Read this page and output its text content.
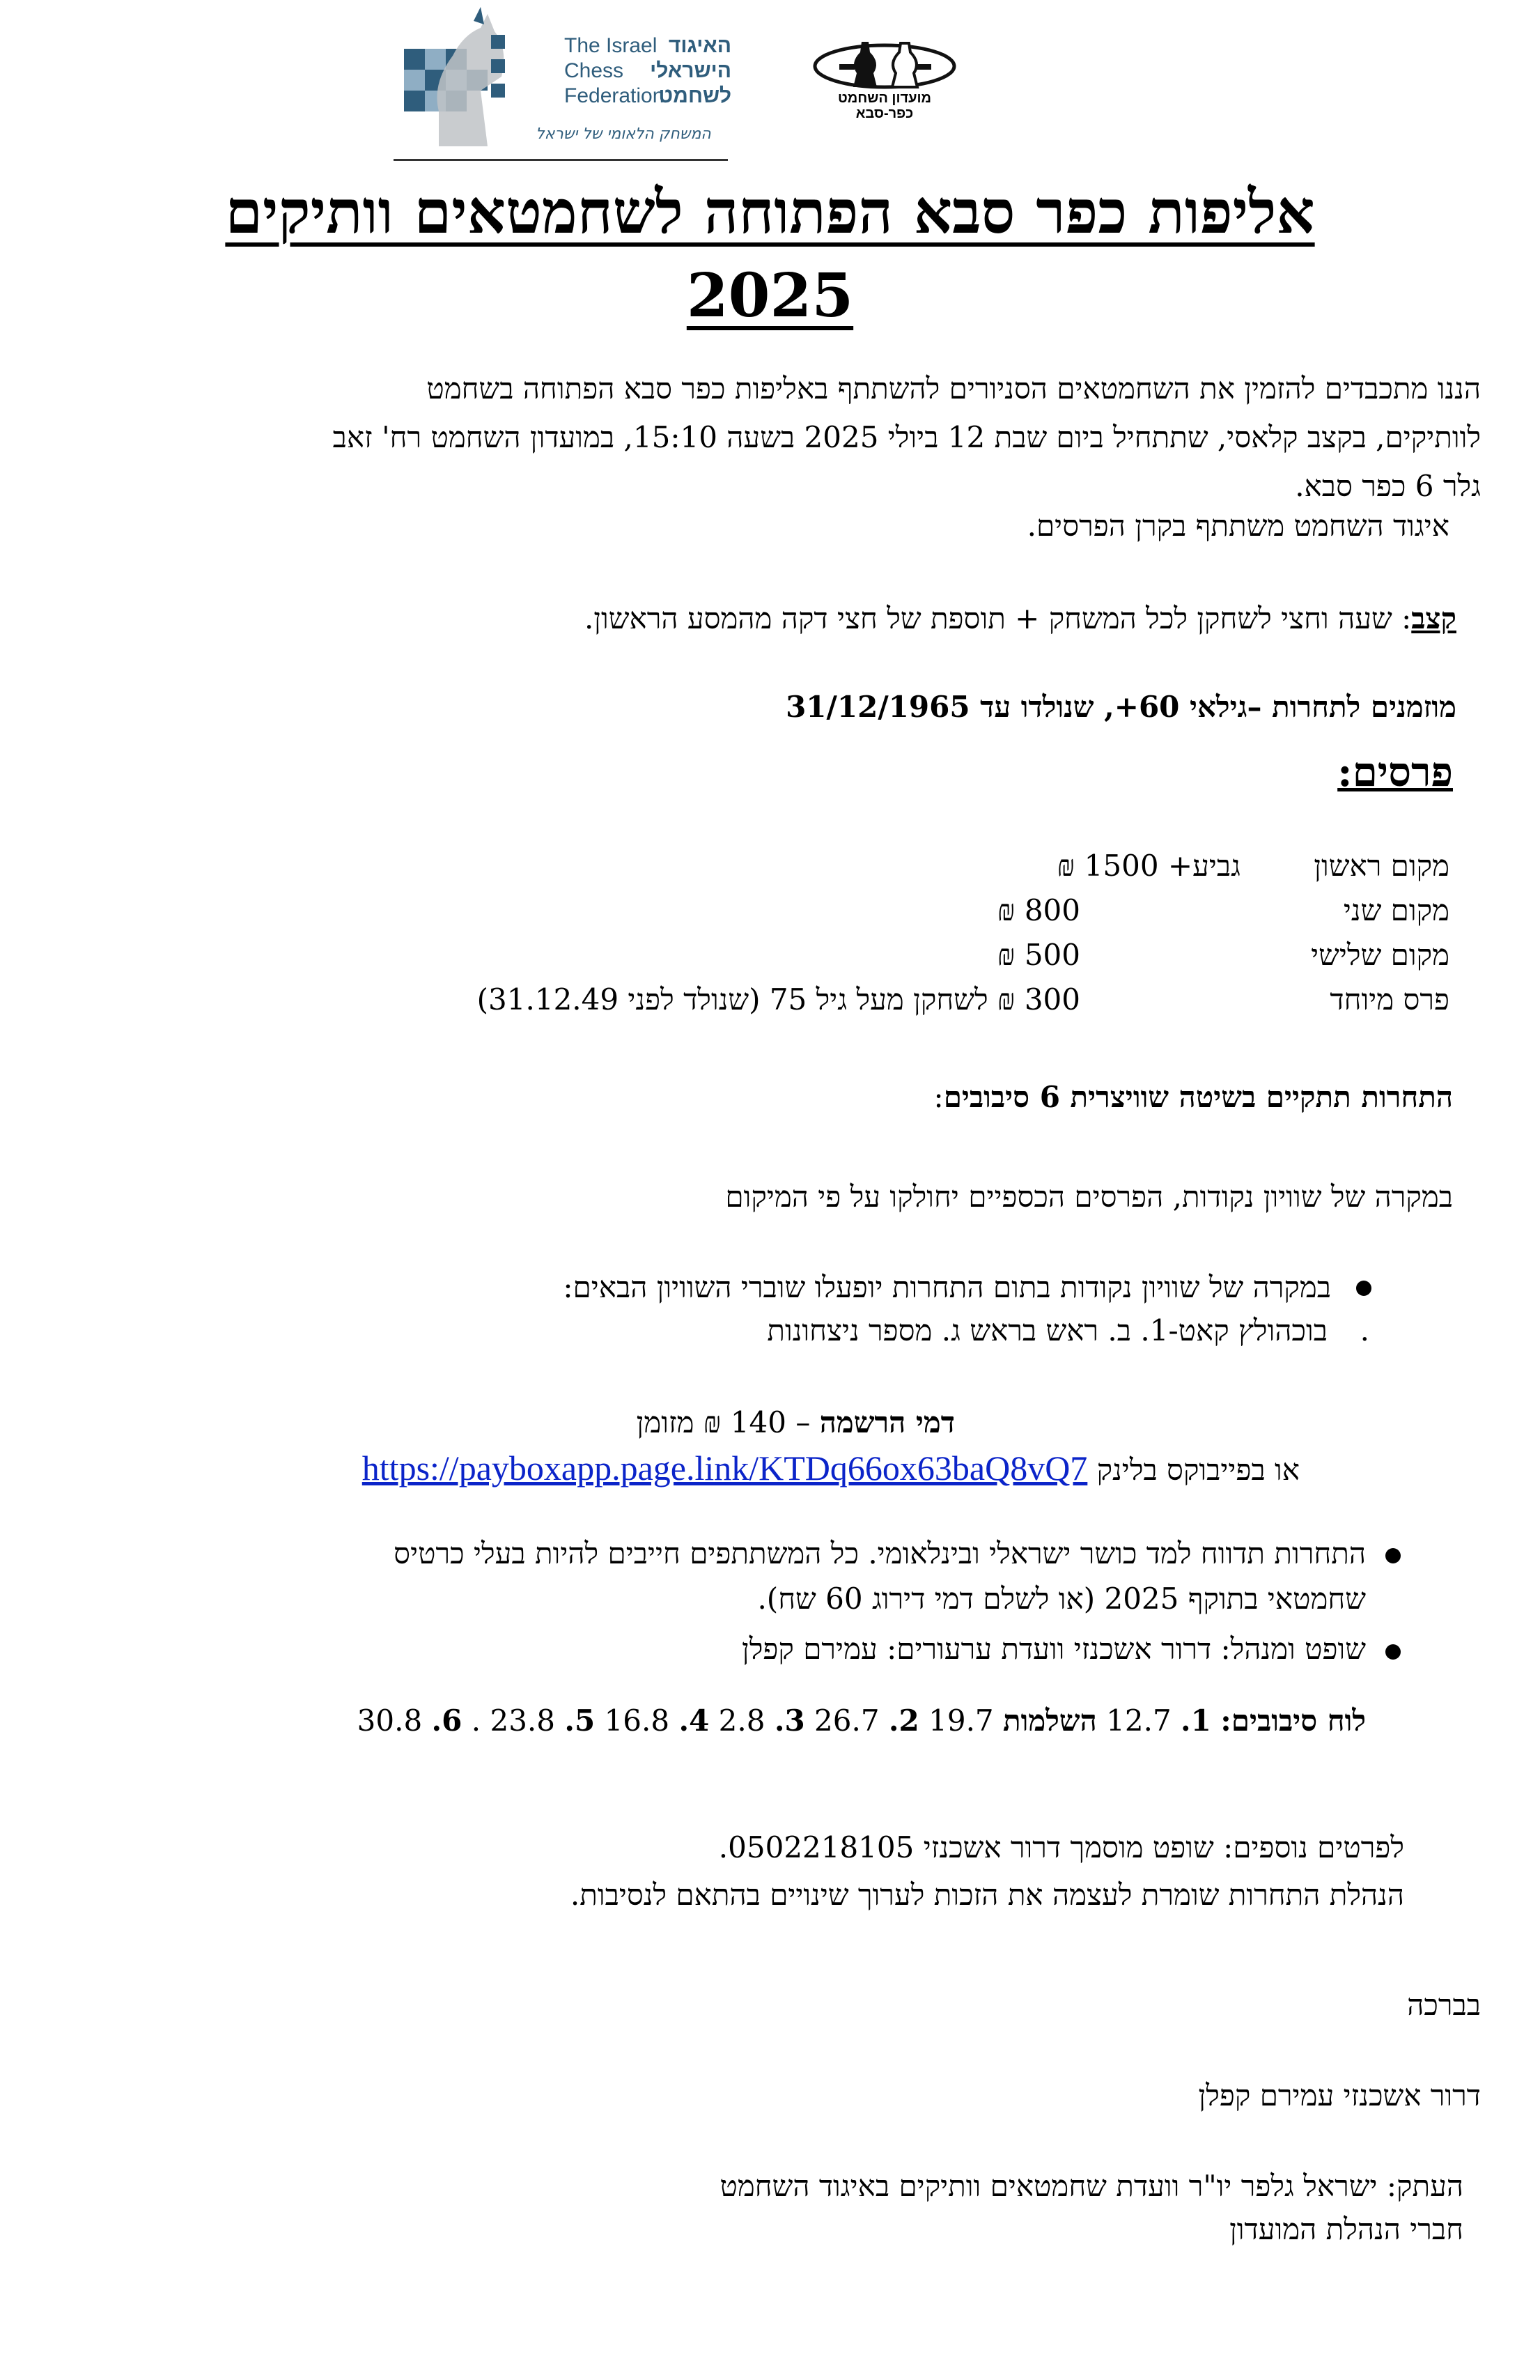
The Israel
Chess
Federation
האיגוד
הישראלי
לשחמט
המשחק הלאומי של ישראל
מועדון השחמט
כפר-סבא
אליפות כפר סבא הפתוחה לשחמטאים וותיקים
2025
הננו מתכבדים להזמין את השחמטאים הסניורים להשתתף באליפות כפר סבא הפתוחה בשחמט
לוותיקים, בקצב קלאסי, שתתחיל ביום שבת 12 ביולי 2025 בשעה 15:10, במועדון השחמט רח' זאב
גלר 6 כפר סבא.
איגוד השחמט משתתף בקרן הפרסים.
קצב: שעה וחצי לשחקן לכל המשחק + תוספת של חצי דקה מהמסע הראשון.
מוזמנים לתחרות –גילאי 60+, שנולדו עד 31/12/1965
פרסים:
מקום ראשון
גביע+ 1500 ₪
מקום שני
800 ₪
מקום שלישי
500 ₪
פרס מיוחד
300 ₪ לשחקן מעל גיל 75 (שנולד לפני 31.12.49)
התחרות תתקיים בשיטה שוויצרית 6 סיבובים:
במקרה של שוויון נקודות, הפרסים הכספיים יחולקו על פי המיקום
במקרה של שוויון נקודות בתום התחרות יופעלו שוברי השוויון הבאים:
.
בוכהולץ קאט-1. ב. ראש בראש ג. מספר ניצחונות
דמי הרשמה – 140 ₪ מזומן
או בפייבוקס בלינק https://payboxapp.page.link/KTDq66ox63baQ8vQ7
התחרות תדווח למד כושר ישראלי ובינלאומי. כל המשתתפים חייבים להיות בעלי כרטיס
שחמטאי בתוקף 2025 (או לשלם דמי דירוג 60 שח).
שופט ומנהל: דרור אשכנזי וועדת ערעורים: עמירם קפלן
לוח סיבובים: 1. 12.7 השלמות 19.7 2. 26.7 3. 2.8 4. 16.8 5. 23.8 . 6. 30.8
לפרטים נוספים: שופט מוסמך דרור אשכנזי 0502218105.
הנהלת התחרות שומרת לעצמה את הזכות לערוך שינויים בהתאם לנסיבות.
בברכה
דרור אשכנזי עמירם קפלן
העתק: ישראל גלפר יו"ר וועדת שחמטאים וותיקים באיגוד השחמט
חברי הנהלת המועדון
